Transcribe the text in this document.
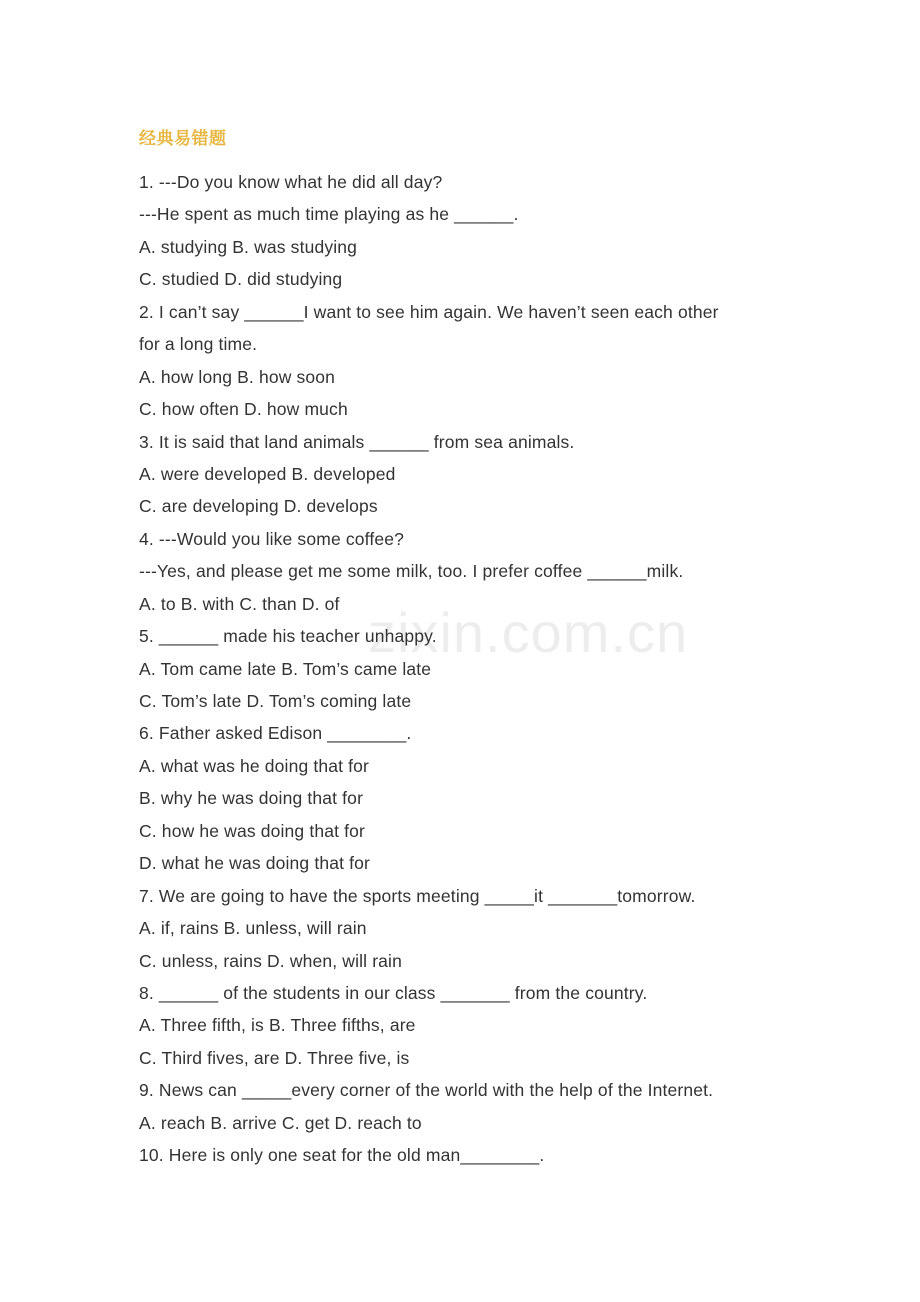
zixin.com.cn
经典易错题
1. ---Do you know what he did all day?
---He spent as much time playing as he ______.
A. studying B. was studying
C. studied D. did studying
2. I can’t say ______I want to see him again. We haven’t seen each other
for a long time.
A. how long B. how soon
C. how often D. how much
3. It is said that land animals ______ from sea animals.
A. were developed B. developed
C. are developing D. develops
4. ---Would you like some coffee?
---Yes, and please get me some milk, too. I prefer coffee ______milk.
A. to B. with C. than D. of
5. ______ made his teacher unhappy.
A. Tom came late B. Tom’s came late
C. Tom’s late D. Tom’s coming late
6. Father asked Edison ________.
A. what was he doing that for
B. why he was doing that for
C. how he was doing that for
D. what he was doing that for
7. We are going to have the sports meeting _____it _______tomorrow.
A. if, rains B. unless, will rain
C. unless, rains D. when, will rain
8. ______ of the students in our class _______ from the country.
A. Three fifth, is B. Three fifths, are
C. Third fives, are D. Three five, is
9. News can _____every corner of the world with the help of the Internet.
A. reach B. arrive C. get D. reach to
10. Here is only one seat for the old man________.
